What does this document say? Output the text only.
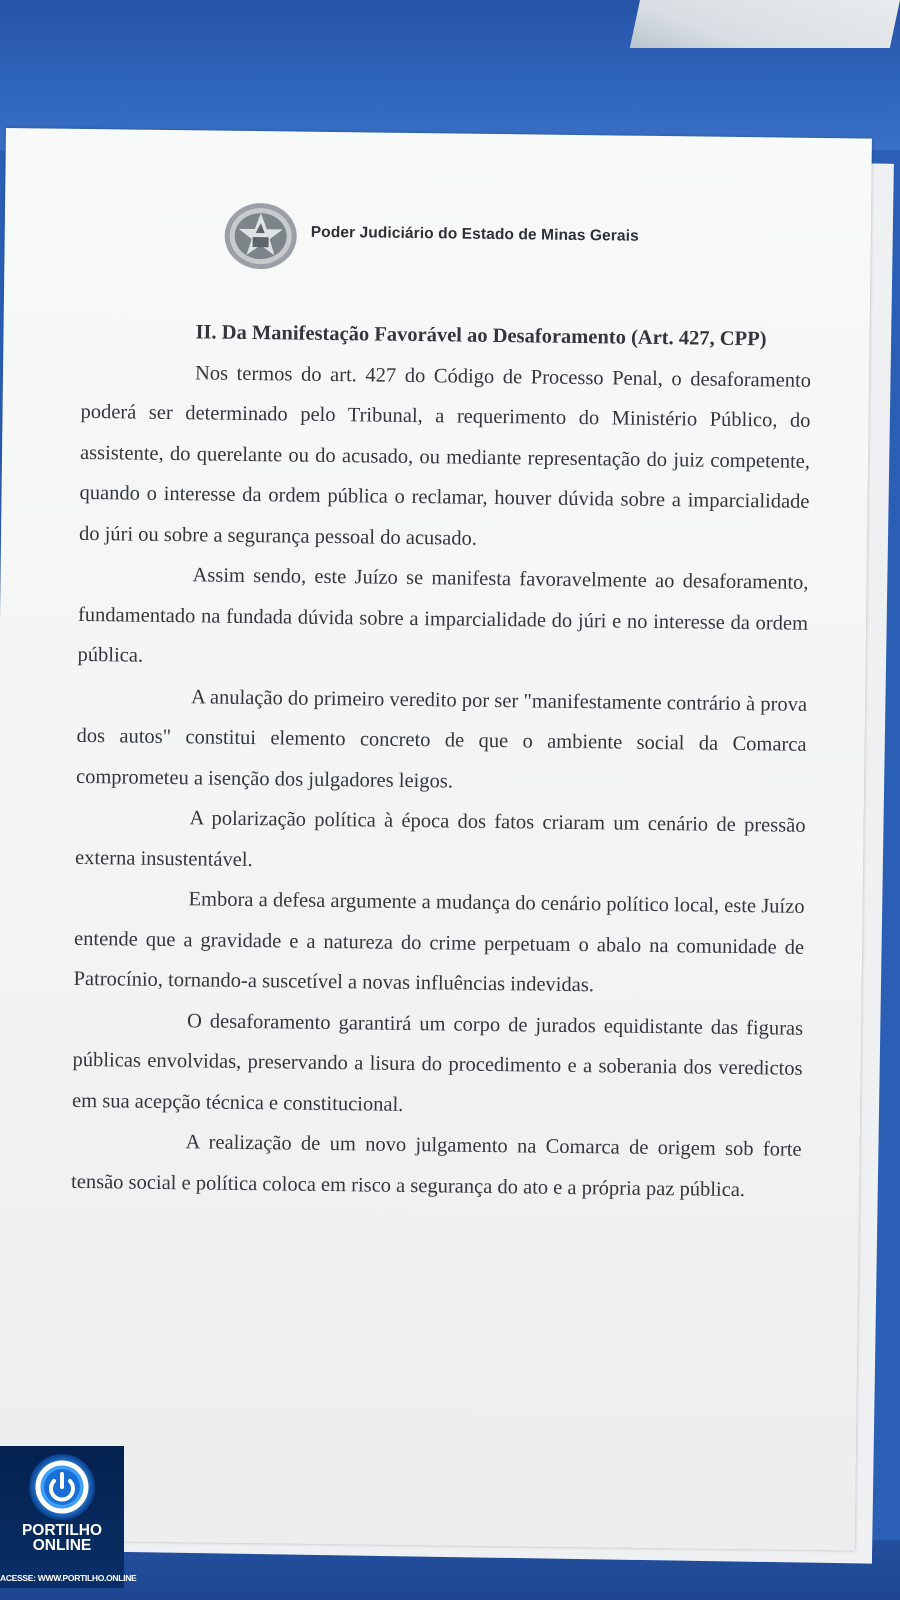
Poder Judiciário do Estado de Minas Gerais

II. Da Manifestação Favorável ao Desaforamento (Art. 427, CPP)

Nos termos do art. 427 do Código de Processo Penal, o desaforamento poderá ser determinado pelo Tribunal, a requerimento do Ministério Público, do assistente, do querelante ou do acusado, ou mediante representação do juiz competente, quando o interesse da ordem pública o reclamar, houver dúvida sobre a imparcialidade do júri ou sobre a segurança pessoal do acusado.

Assim sendo, este Juízo se manifesta favoravelmente ao desaforamento, fundamentado na fundada dúvida sobre a imparcialidade do júri e no interesse da ordem pública.

A anulação do primeiro veredito por ser "manifestamente contrário à prova dos autos" constitui elemento concreto de que o ambiente social da Comarca comprometeu a isenção dos julgadores leigos.

A polarização política à época dos fatos criaram um cenário de pressão externa insustentável.

Embora a defesa argumente a mudança do cenário político local, este Juízo entende que a gravidade e a natureza do crime perpetuam o abalo na comunidade de Patrocínio, tornando-a suscetível a novas influências indevidas.

O desaforamento garantirá um corpo de jurados equidistante das figuras públicas envolvidas, preservando a lisura do procedimento e a soberania dos veredictos em sua acepção técnica e constitucional.

A realização de um novo julgamento na Comarca de origem sob forte tensão social e política coloca em risco a segurança do ato e a própria paz pública.

PORTILHO ONLINE
ACESSE: WWW.PORTILHO.ONLINE
